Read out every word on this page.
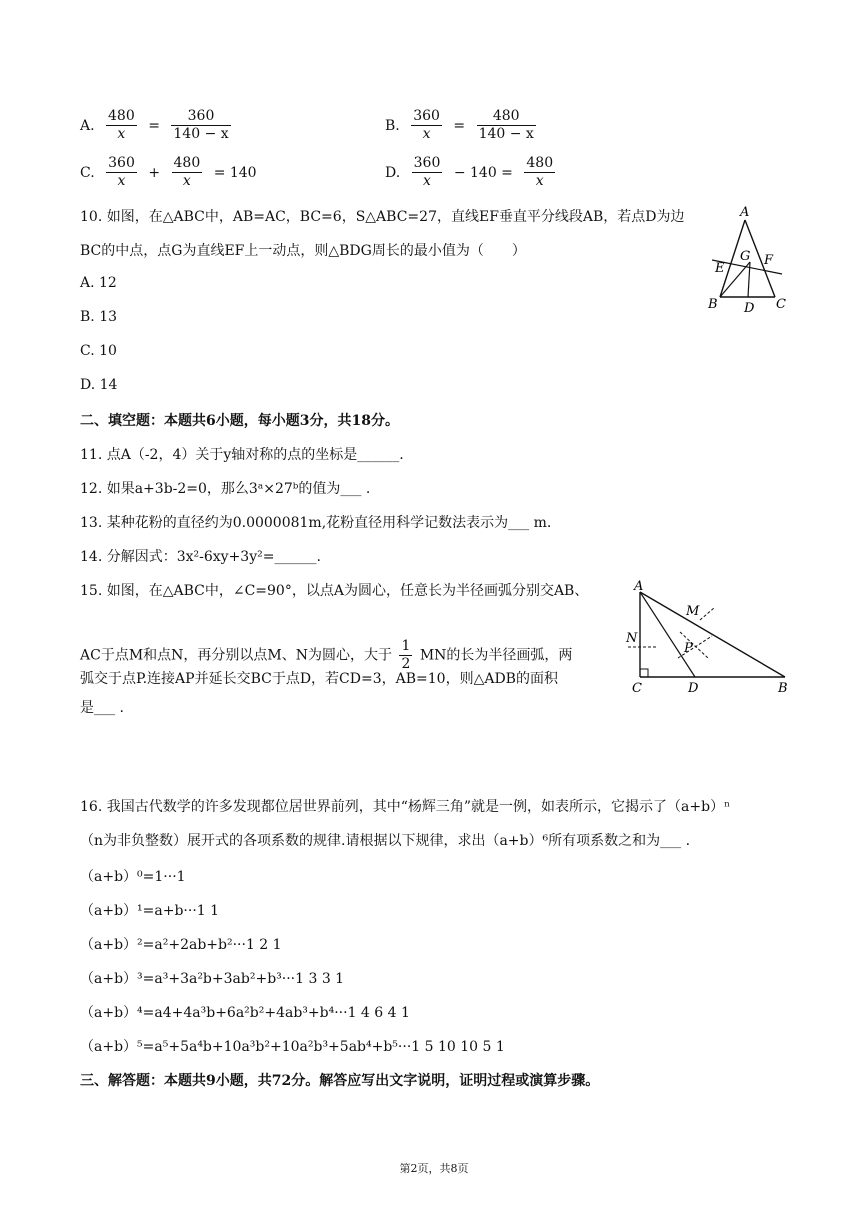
A. $\frac{480}{x} = \frac{360}{140 - x}$	B. $\frac{360}{x} = \frac{480}{140 - x}$
C. $\frac{360}{x} + \frac{480}{x} = 140$	D. $\frac{360}{x} - 140 = \frac{480}{x}$
10. 如图，在△ABC中，AB=AC，BC=6，S△ABC=27，直线EF垂直平分线段AB，若点D为边
BC的中点，点G为直线EF上一动点，则△BDG周长的最小值为（　　）
A. 12
B. 13
C. 10
D. 14
A
B	C
D
E
G F
二、填空题：本题共6小题，每小题3分，共18分。
11. 点A（-2，4）关于y轴对称的点的坐标是______.
12. 如果a+3b-2=0，那么3ᵃ×27ᵇ的值为___ .
13. 某种花粉的直径约为0.0000081m,花粉直径用科学记数法表示为___ m.
14. 分解因式：3x²-6xy+3y²=______.
15. 如图，在△ABC中，∠C=90°，以点A为圆心，任意长为半径画弧分别交AB、
AC于点M和点N，再分别以点M、N为圆心，大于 $\frac{1}{2}$ MN的长为半径画弧，两
弧交于点P.连接AP并延长交BC于点D，若CD=3，AB=10，则△ADB的面积
是___ .
A
C	D	B
N
M
P
16. 我国古代数学的许多发现都位居世界前列，其中“杨辉三角”就是一例，如表所示，它揭示了（a+b）ⁿ
（n为非负整数）展开式的各项系数的规律.请根据以下规律，求出（a+b）⁶所有项系数之和为___ .
（a+b）⁰=1···1
（a+b）¹=a+b···1 1
（a+b）²=a²+2ab+b²···1 2 1
（a+b）³=a³+3a²b+3ab²+b³···1 3 3 1
（a+b）⁴=a4+4a³b+6a²b²+4ab³+b⁴···1 4 6 4 1
（a+b）⁵=a⁵+5a⁴b+10a³b²+10a²b³+5ab⁴+b⁵···1 5 10 10 5 1
三、解答题：本题共9小题，共72分。解答应写出文字说明，证明过程或演算步骤。
第2页，共8页
